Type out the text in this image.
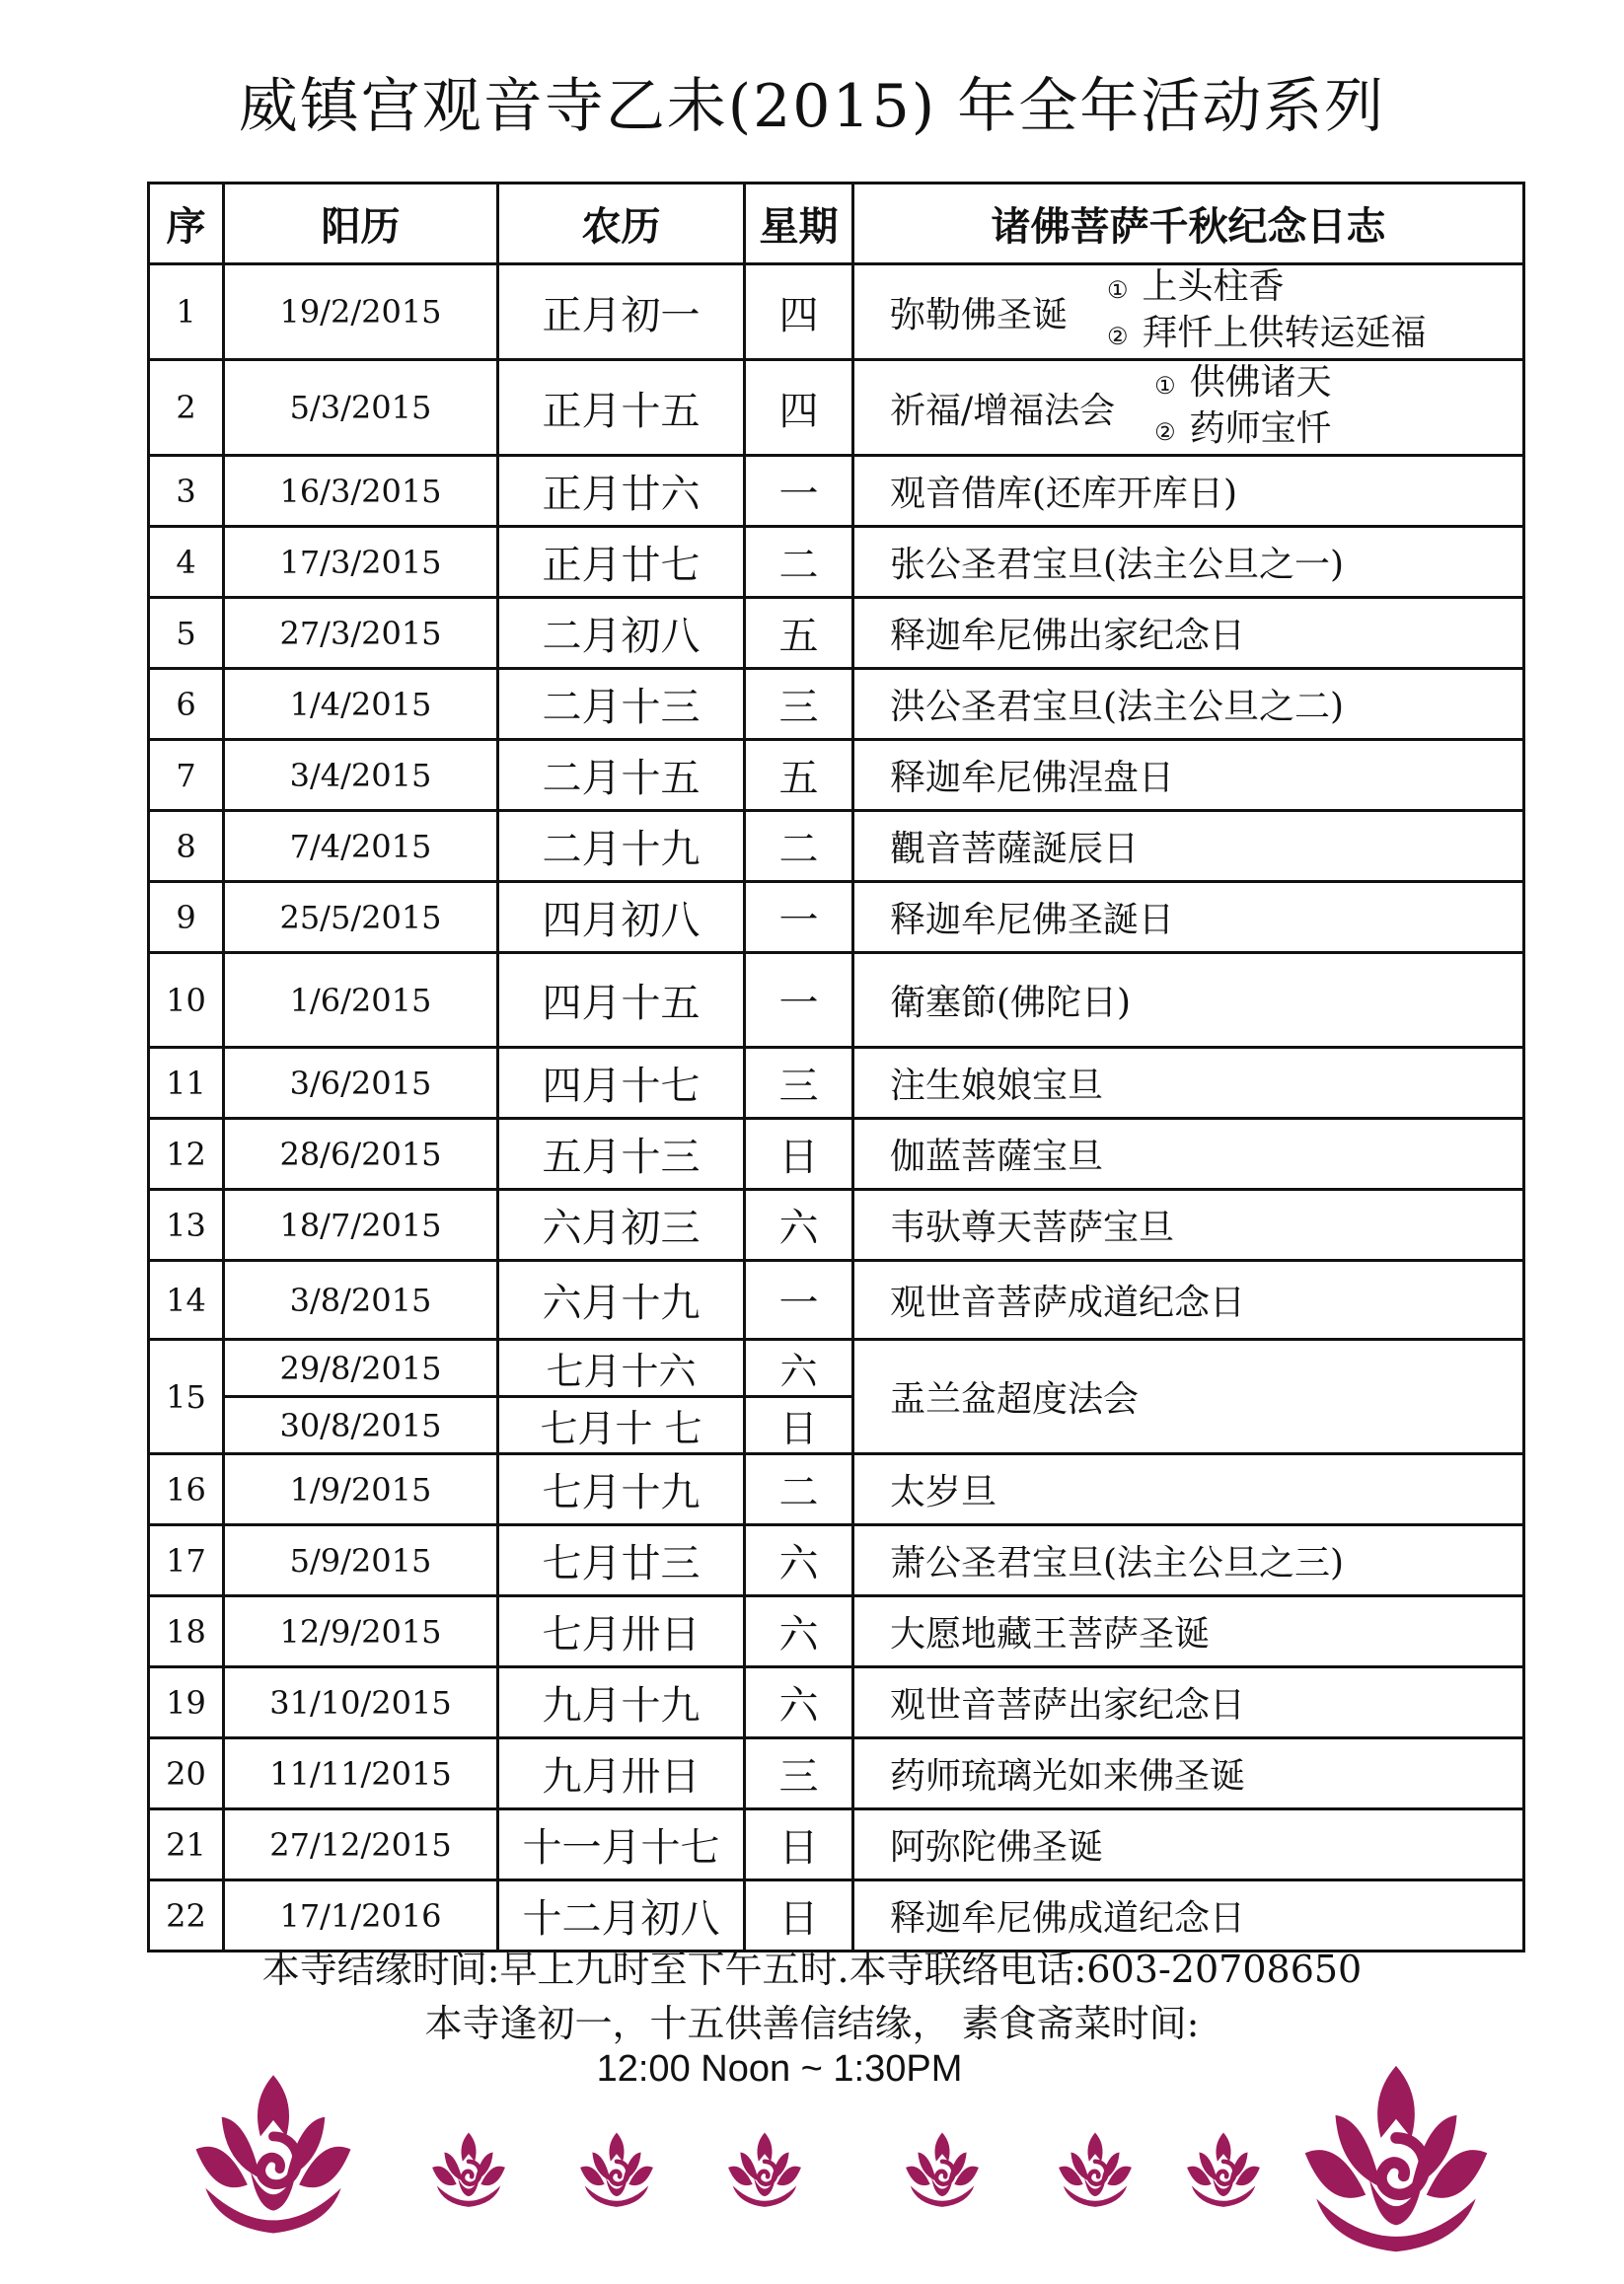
威镇宫观音寺乙未(2015) 年全年活动系列
序	阳历	农历	星期	诸佛菩萨千秋纪念日志
1	19/2/2015	正月初一	四	弥勒佛圣诞
① 上头柱香
② 拜忏上供转运延福

2	5/3/2015	正月十五	四	祈福/增福法会
① 供佛诸天
② 药师宝忏

3	16/3/2015	正月廿六	一	观音借库(还库开库日)
4	17/3/2015	正月廿七	二	张公圣君宝旦(法主公旦之一)
5	27/3/2015	二月初八	五	释迦牟尼佛出家纪念日
6	1/4/2015	二月十三	三	洪公圣君宝旦(法主公旦之二)
7	3/4/2015	二月十五	五	释迦牟尼佛涅盘日
8	7/4/2015	二月十九	二	觀音菩薩誕辰日
9	25/5/2015	四月初八	一	释迦牟尼佛圣誕日
10	1/6/2015	四月十五	一	衛塞節(佛陀日)
11	3/6/2015	四月十七	三	注生娘娘宝旦
12	28/6/2015	五月十三	日	伽蓝菩薩宝旦
13	18/7/2015	六月初三	六	韦驮尊天菩萨宝旦
14	3/8/2015	六月十九	一	观世音菩萨成道纪念日
15	29/8/2015	七月十六	六	盂兰盆超度法会
	30/8/2015	七月十 七	日	
16	1/9/2015	七月十九	二	太岁旦
17	5/9/2015	七月廿三	六	萧公圣君宝旦(法主公旦之三)
18	12/9/2015	七月卅日	六	大愿地藏王菩萨圣诞
19	31/10/2015	九月十九	六	观世音菩萨出家纪念日
20	11/11/2015	九月卅日	三	药师琉璃光如来佛圣诞
21	27/12/2015	十一月十七	日	阿弥陀佛圣诞
22	17/1/2016	十二月初八	日	释迦牟尼佛成道纪念日
本寺结缘时间:早上九时至下午五时.本寺联络电话:603-20708650
本寺逢初一，十五供善信结缘， 素食斋菜时间:
12:00 Noon ~ 1:30PM
